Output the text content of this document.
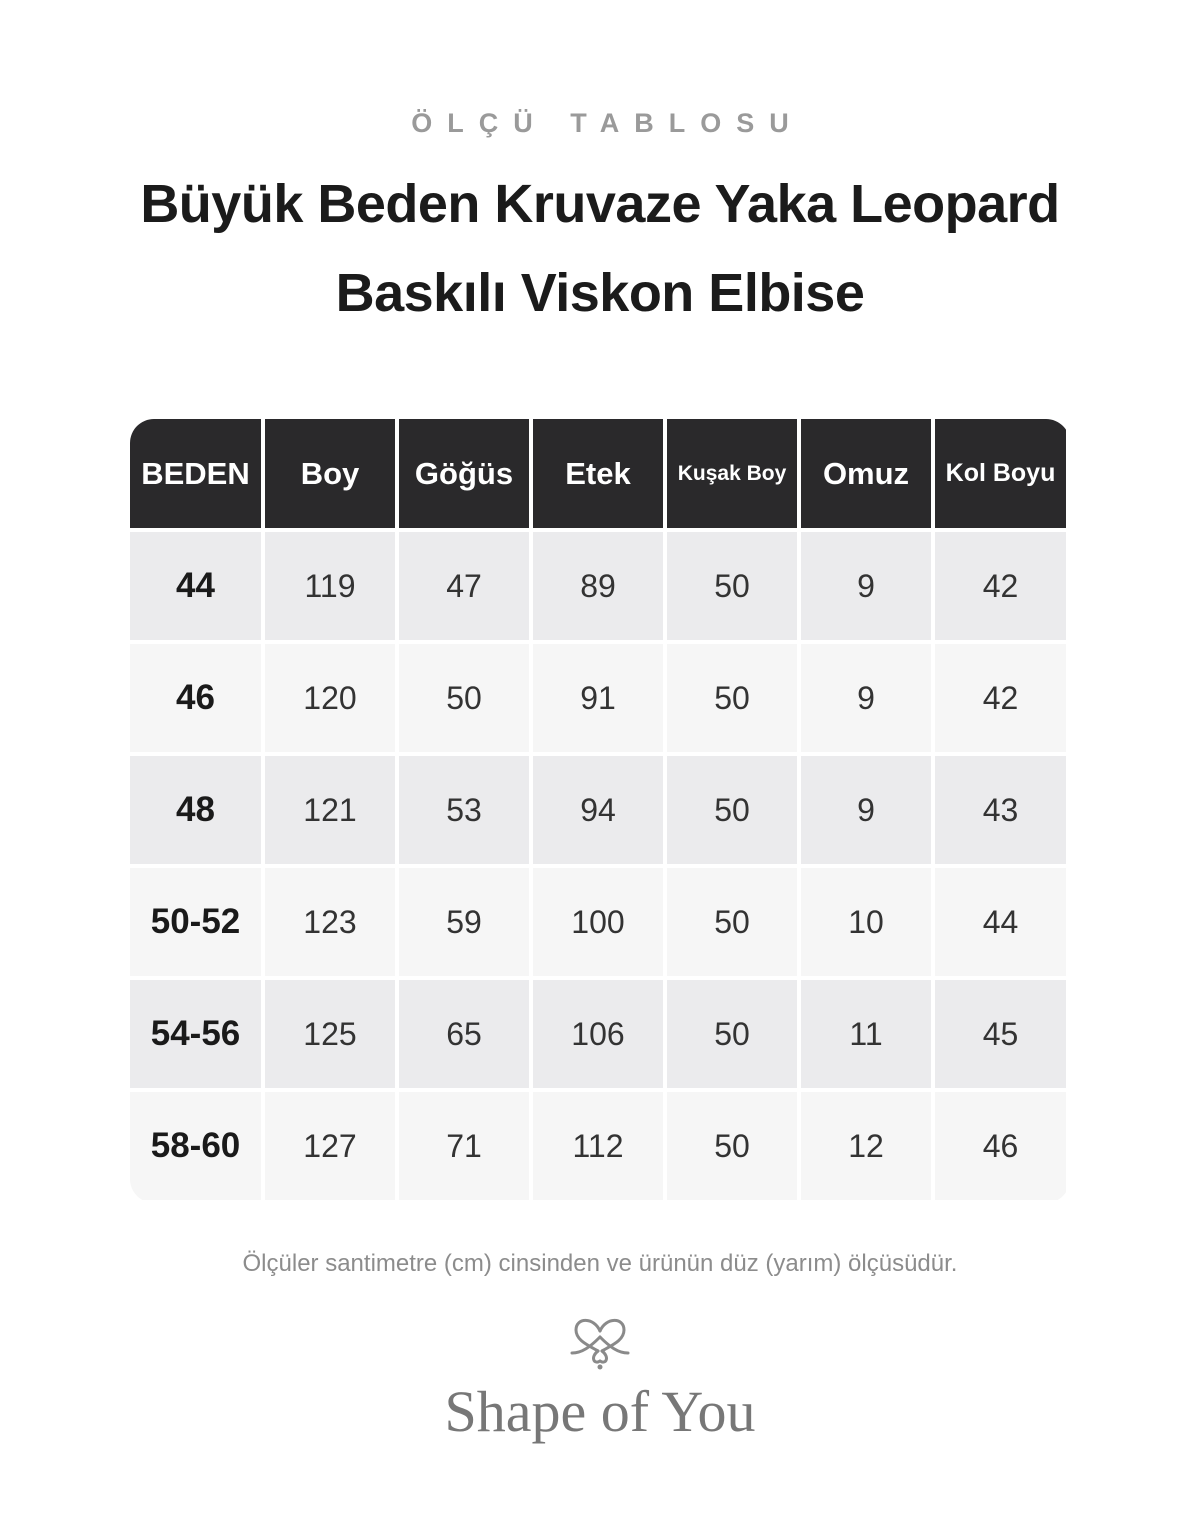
ÖLÇÜ TABLOSU
Büyük Beden Kruvaze Yaka Leopard Baskılı Viskon Elbise
BEDEN	Boy	Göğüs	Etek	Kuşak Boy	Omuz	Kol Boyu
44	119	47	89	50	9	42
46	120	50	91	50	9	42
48	121	53	94	50	9	43
50-52	123	59	100	50	10	44
54-56	125	65	106	50	11	45
58-60	127	71	112	50	12	46
Ölçüler santimetre (cm) cinsinden ve ürünün düz (yarım) ölçüsüdür.
Shape of You
